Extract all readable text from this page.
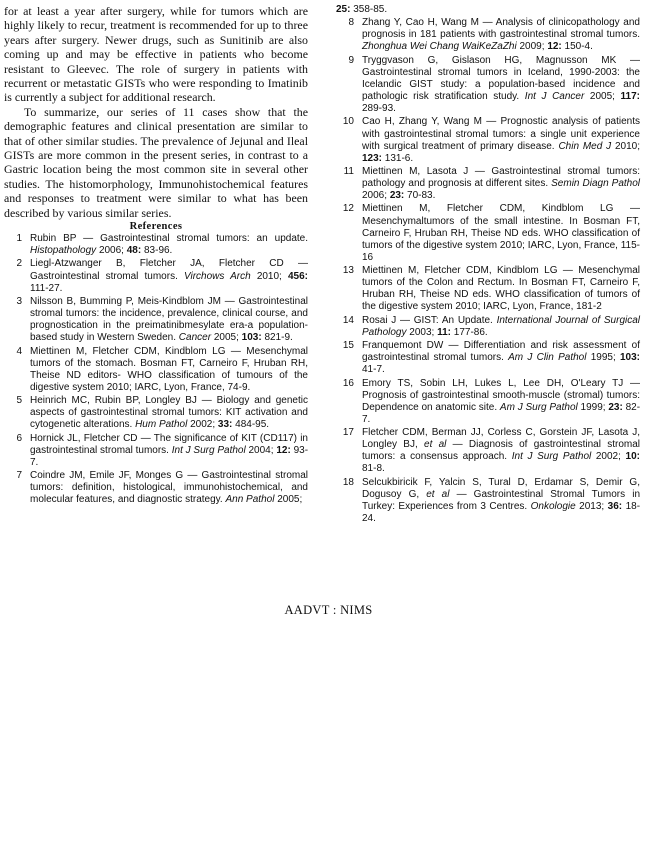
for at least a year after surgery, while for tumors which are highly likely to recur, treatment is recommended for up to three years after surgery. Newer drugs, such as Sunitinib are also coming up and may be effective in patients who become resistant to Gleevec. The role of surgery in patients with recurrent or metastatic GISTs who were responding to Imatinib is currently a subject for additional research.

To summarize, our series of 11 cases show that the demographic features and clinical presentation are similar to that of other similar studies. The prevalence of Jejunal and Ileal GISTs are more common in the present series, in contrast to a Gastric location being the most common site in several other studies. The histomorphology, Immunohistochemical features and responses to treatment were similar to what has been described by various similar series.

References
1 Rubin BP — Gastrointestinal stromal tumors: an update. Histopathology 2006; 48: 83-96.
2 Liegl-Atzwanger B, Fletcher JA, Fletcher CD — Gastrointestinal stromal tumors. Virchows Arch 2010; 456: 111-27.
3 Nilsson B, Bumming P, Meis-Kindblom JM — Gastrointestinal stromal tumors: the incidence, prevalence, clinical course, and prognostication in the preimatinibmesylate era-a population-based study in Western Sweden. Cancer 2005; 103: 821-9.
4 Miettinen M, Fletcher CDM, Kindblom LG — Mesenchymal tumors of the stomach. Bosman FT, Carneiro F, Hruban RH, Theise ND editors- WHO classification of tumours of the digestive system 2010; IARC, Lyon, France, 74-9.
5 Heinrich MC, Rubin BP, Longley BJ — Biology and genetic aspects of gastrointestinal stromal tumors: KIT activation and cytogenetic alterations. Hum Pathol 2002; 33: 484-95.
6 Hornick JL, Fletcher CD — The significance of KIT (CD117) in gastrointestinal stromal tumors. Int J Surg Pathol 2004; 12: 93-7.
7 Coindre JM, Emile JF, Monges G — Gastrointestinal stromal tumors: definition, histological, immunohistochemical, and molecular features, and diagnostic strategy. Ann Pathol 2005;
25: 358-85.
8 Zhang Y, Cao H, Wang M — Analysis of clinicopathology and prognosis in 181 patients with gastrointestinal stromal tumors. Zhonghua Wei Chang WaiKeZaZhi 2009; 12: 150-4.
9 Tryggvason G, Gislason HG, Magnusson MK — Gastrointestinal stromal tumors in Iceland, 1990-2003: the Icelandic GIST study: a population-based incidence and pathologic risk stratification study. Int J Cancer 2005; 117: 289-93.
10 Cao H, Zhang Y, Wang M — Prognostic analysis of patients with gastrointestinal stromal tumors: a single unit experience with surgical treatment of primary disease. Chin Med J 2010; 123: 131-6.
11 Miettinen M, Lasota J — Gastrointestinal stromal tumors: pathology and prognosis at different sites. Semin Diagn Pathol 2006; 23: 70-83.
12 Miettinen M, Fletcher CDM, Kindblom LG — Mesenchymaltumors of the small intestine. In Bosman FT, Carneiro F, Hruban RH, Theise ND eds. WHO classification of tumors of the digestive system 2010; IARC, Lyon, France, 115-16
13 Miettinen M, Fletcher CDM, Kindblom LG — Mesenchymal tumors of the Colon and Rectum. In Bosman FT, Carneiro F, Hruban RH, Theise ND eds. WHO classification of tumors of the digestive system 2010; IARC, Lyon, France, 181-2
14 Rosai J — GIST: An Update. International Journal of Surgical Pathology 2003; 11: 177-86.
15 Franquemont DW — Differentiation and risk assessment of gastrointestinal stromal tumors. Am J Clin Pathol 1995; 103: 41-7.
16 Emory TS, Sobin LH, Lukes L, Lee DH, O'Leary TJ — Prognosis of gastrointestinal smooth-muscle (stromal) tumors: Dependence on anatomic site. Am J Surg Pathol 1999; 23: 82-7.
17 Fletcher CDM, Berman JJ, Corless C, Gorstein JF, Lasota J, Longley BJ, et al — Diagnosis of gastrointestinal stromal tumors: a consensus approach. Int J Surg Pathol 2002; 10: 81-8.
18 Selcukbiricik F, Yalcin S, Tural D, Erdamar S, Demir G, Dogusoy G, et al — Gastrointestinal Stromal Tumors in Turkey: Experiences from 3 Centres. Onkologie 2013; 36: 18-24.
AADVT : NIMS
